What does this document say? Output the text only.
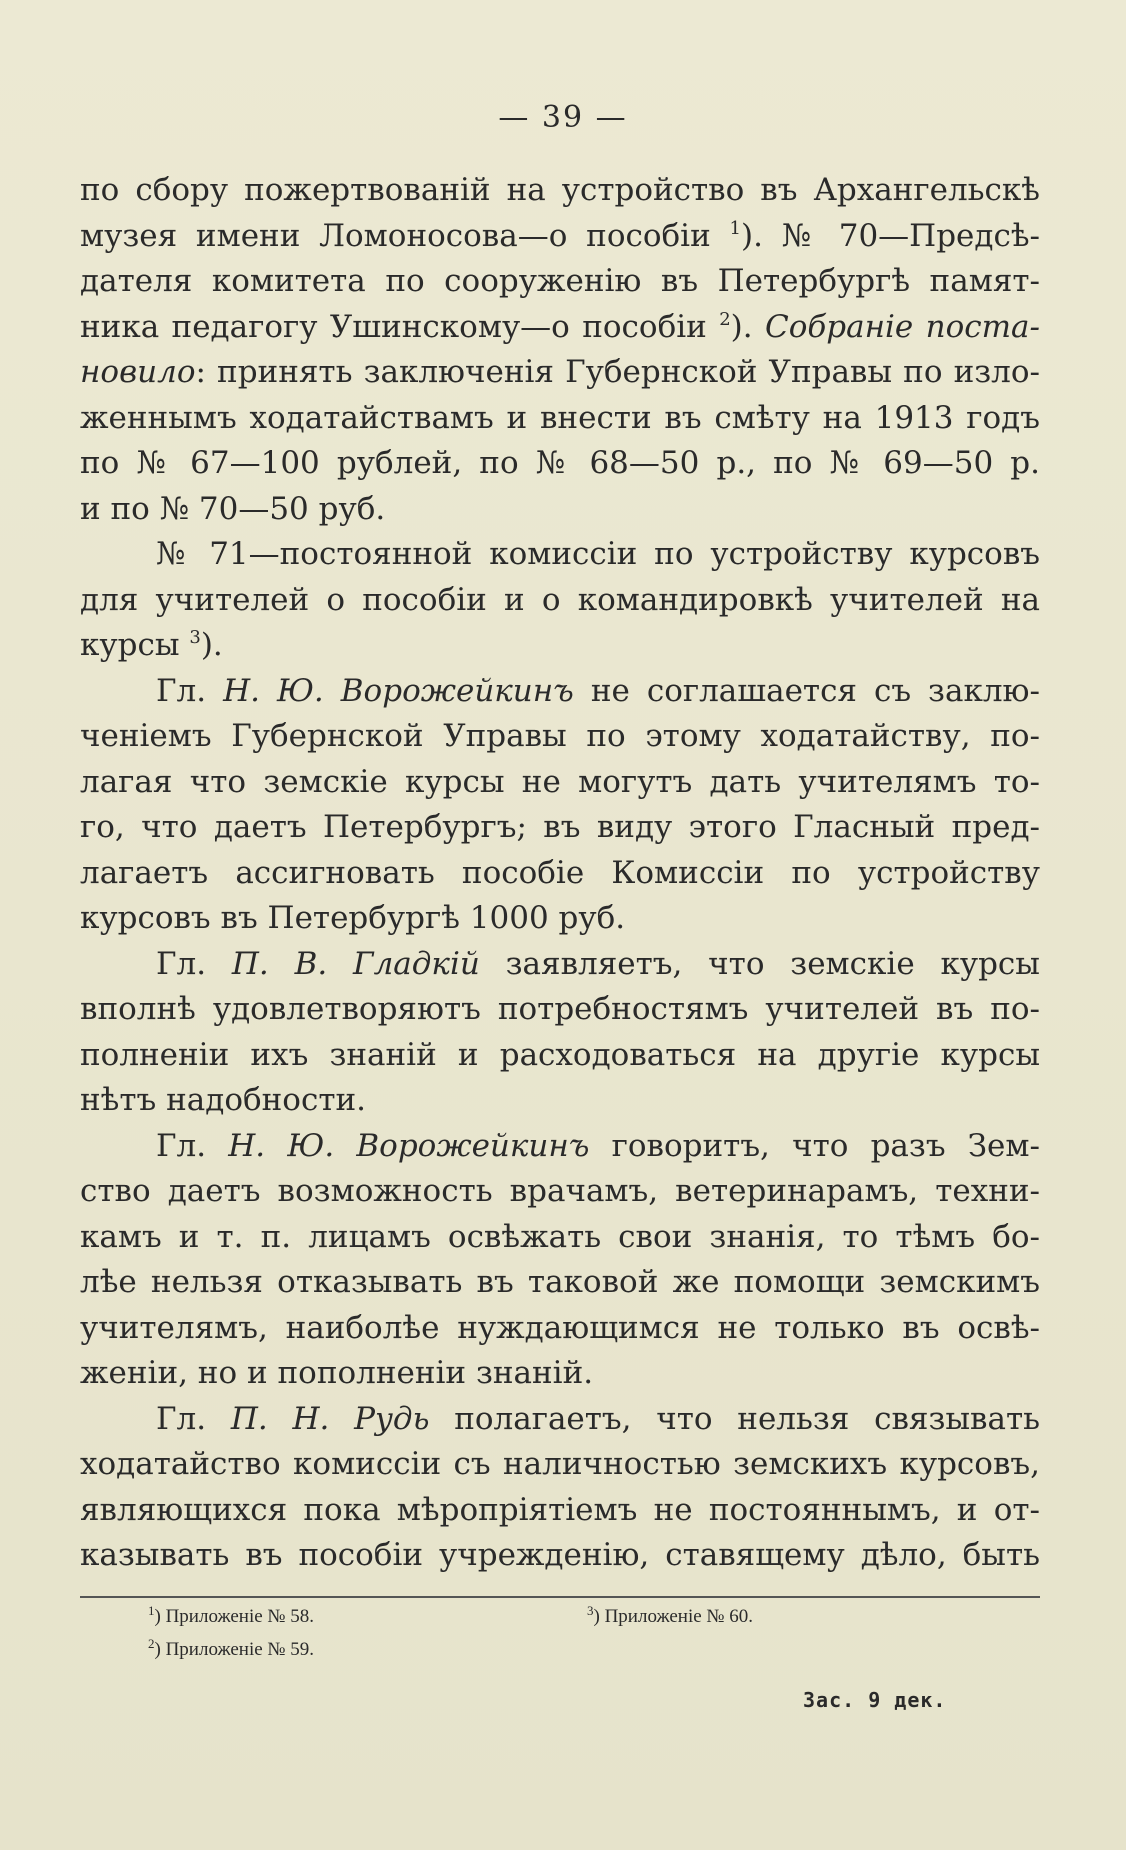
— 39 —
по сбору пожертвованій на устройство въ Архангельскѣ
музея имени Ломоносова—о пособіи $^1$). № 70—Предсѣ-
дателя комитета по сооруженію въ Петербургѣ памят-
ника педагогу Ушинскому—о пособіи $^2$). Собраніе поста-
новило: принять заключенія Губернской Управы по изло-
женнымъ ходатайствамъ и внести въ смѣту на 1913 годъ
по № 67—100 рублей, по № 68—50 р., по № 69—50 р.
и по № 70—50 руб.
№ 71—постоянной комиссіи по устройству курсовъ
для учителей о пособіи и о командировкѣ учителей на
курсы $^3$).
Гл. Н. Ю. Ворожейкинъ не соглашается съ заклю-
ченіемъ Губернской Управы по этому ходатайству, по-
лагая что земскіе курсы не могутъ дать учителямъ то-
го, что даетъ Петербургъ; въ виду этого Гласный пред-
лагаетъ ассигновать пособіе Комиссіи по устройству
курсовъ въ Петербургѣ 1000 руб.
Гл. П. В. Гладкій заявляетъ, что земскіе курсы
вполнѣ удовлетворяютъ потребностямъ учителей въ по-
полненіи ихъ знаній и расходоваться на другіе курсы
нѣтъ надобности.
Гл. Н. Ю. Ворожейкинъ говоритъ, что разъ Зем-
ство даетъ возможность врачамъ, ветеринарамъ, техни-
камъ и т. п. лицамъ освѣжать свои знанія, то тѣмъ бо-
лѣе нельзя отказывать въ таковой же помощи земскимъ
учителямъ, наиболѣе нуждающимся не только въ освѣ-
женіи, но и пополненіи знаній.
Гл. П. Н. Рудь полагаетъ, что нельзя связывать
ходатайство комиссіи съ наличностью земскихъ курсовъ,
являющихся пока мѣропріятіемъ не постояннымъ, и от-
казывать въ пособіи учрежденію, ставящему дѣло, быть
$^1$) Приложеніе № 58.
$^2$) Приложеніе № 59.
$^3$) Приложеніе № 60.
Зас. 9 дек.
